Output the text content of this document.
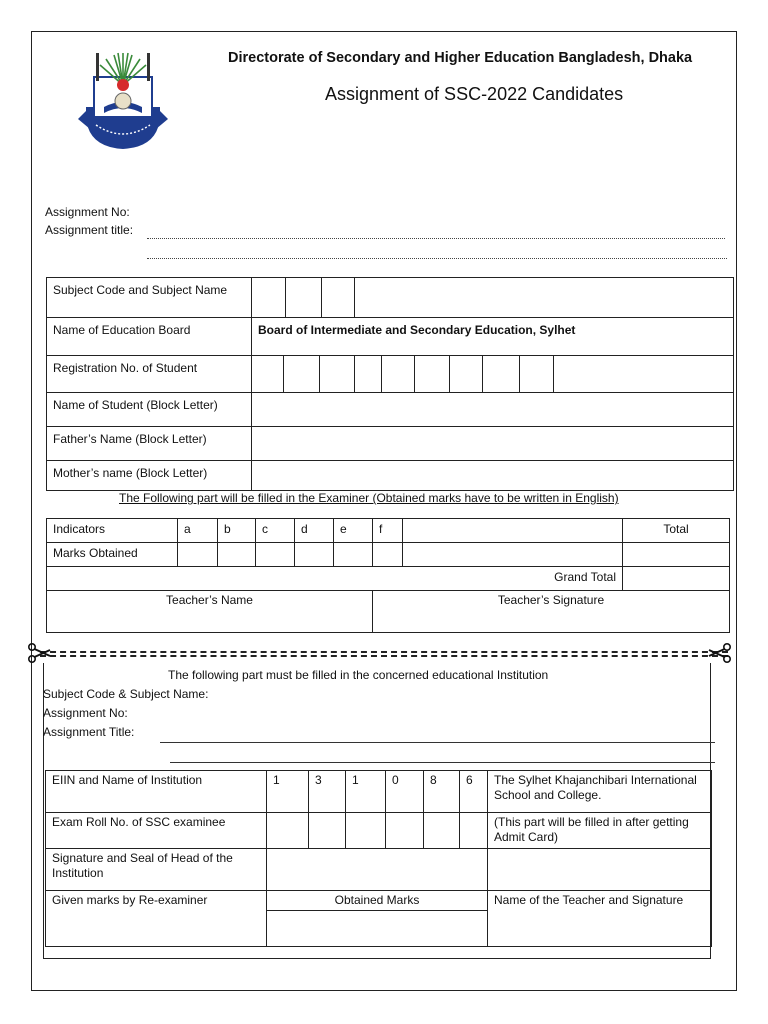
Directorate of Secondary and Higher Education Bangladesh, Dhaka
Assignment of SSC-2022 Candidates
Assignment No:
Assignment title:
Subject Code and Subject Name												
Name of Education Board	Board of Intermediate and Secondary Education, Sylhet											
Registration No. of Student												
Name of Student (Block Letter)												
Father’s Name (Block Letter)												
Mother’s name (Block Letter)												
The Following part will be filled in the Examiner (Obtained marks have to be written in English)
Indicators	a	b	c	d	e	f		Total
Marks Obtained								
Grand Total								
Teacher’s Name						Teacher’s Signature		
The following part must be filled in the concerned educational Institution
Subject Code & Subject Name:
Assignment No:
Assignment Title:
EIIN and Name of Institution	1	3	1	0	8	6	The Sylhet Khajanchibari International School and College.
Exam Roll No. of SSC examinee							(This part will be filled in after getting Admit Card)
Signature and Seal of Head of the Institution							
Given marks by Re-examiner	Obtained Marks						Name of the Teacher and Signature
